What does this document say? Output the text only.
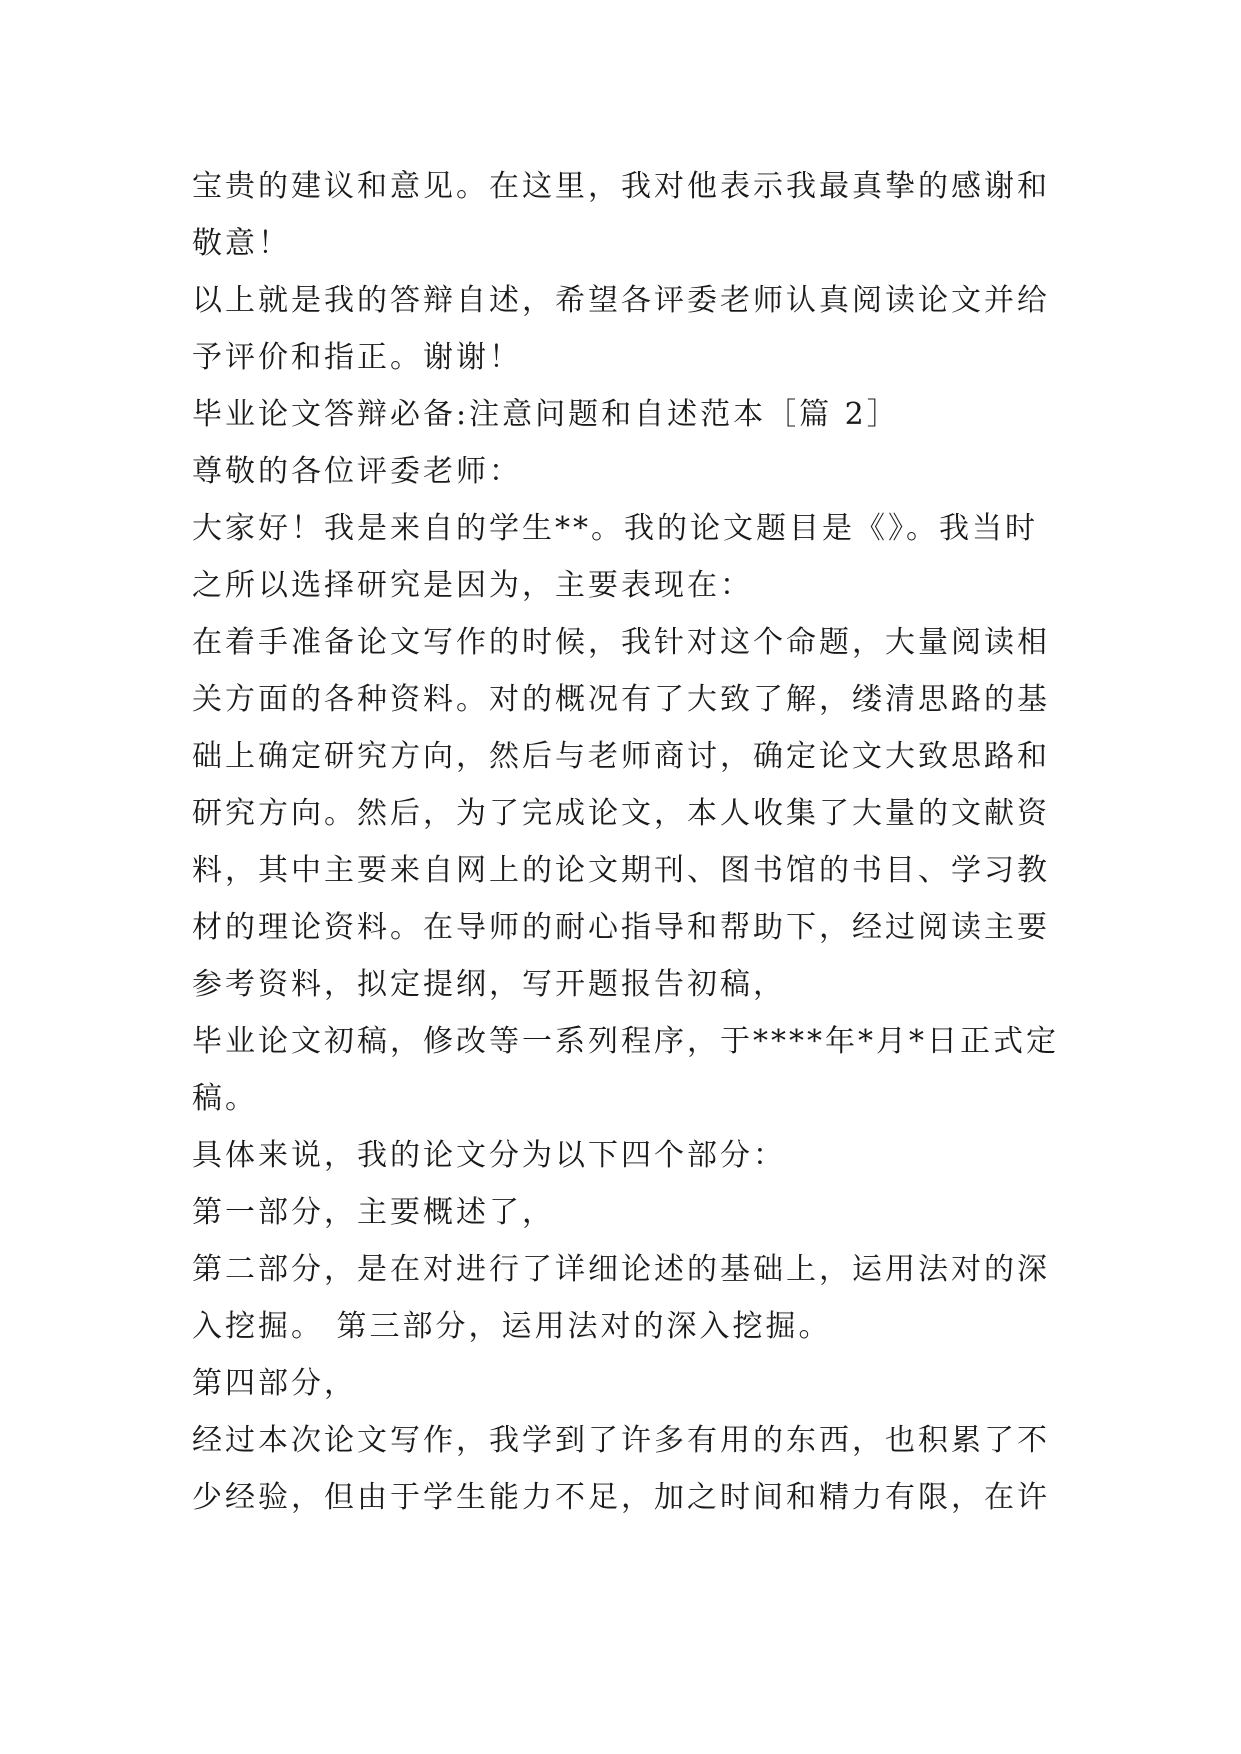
宝贵的建议和意见。在这里，我对他表示我最真挚的感谢和
敬意！
以上就是我的答辩自述，希望各评委老师认真阅读论文并给
予评价和指正。谢谢！
毕业论文答辩必备:注意问题和自述范本［篇 2］
尊敬的各位评委老师：
大家好！我是来自的学生**。我的论文题目是《》。我当时
之所以选择研究是因为，主要表现在：
在着手准备论文写作的时候，我针对这个命题，大量阅读相
关方面的各种资料。对的概况有了大致了解，缕清思路的基
础上确定研究方向，然后与老师商讨，确定论文大致思路和
研究方向。然后，为了完成论文，本人收集了大量的文献资
料，其中主要来自网上的论文期刊、图书馆的书目、学习教
材的理论资料。在导师的耐心指导和帮助下，经过阅读主要
参考资料，拟定提纲，写开题报告初稿，
毕业论文初稿，修改等一系列程序，于****年*月*日正式定
稿。
具体来说，我的论文分为以下四个部分：
第一部分，主要概述了，
第二部分，是在对进行了详细论述的基础上，运用法对的深
入挖掘。 第三部分，运用法对的深入挖掘。
第四部分，
经过本次论文写作，我学到了许多有用的东西，也积累了不
少经验，但由于学生能力不足，加之时间和精力有限，在许
